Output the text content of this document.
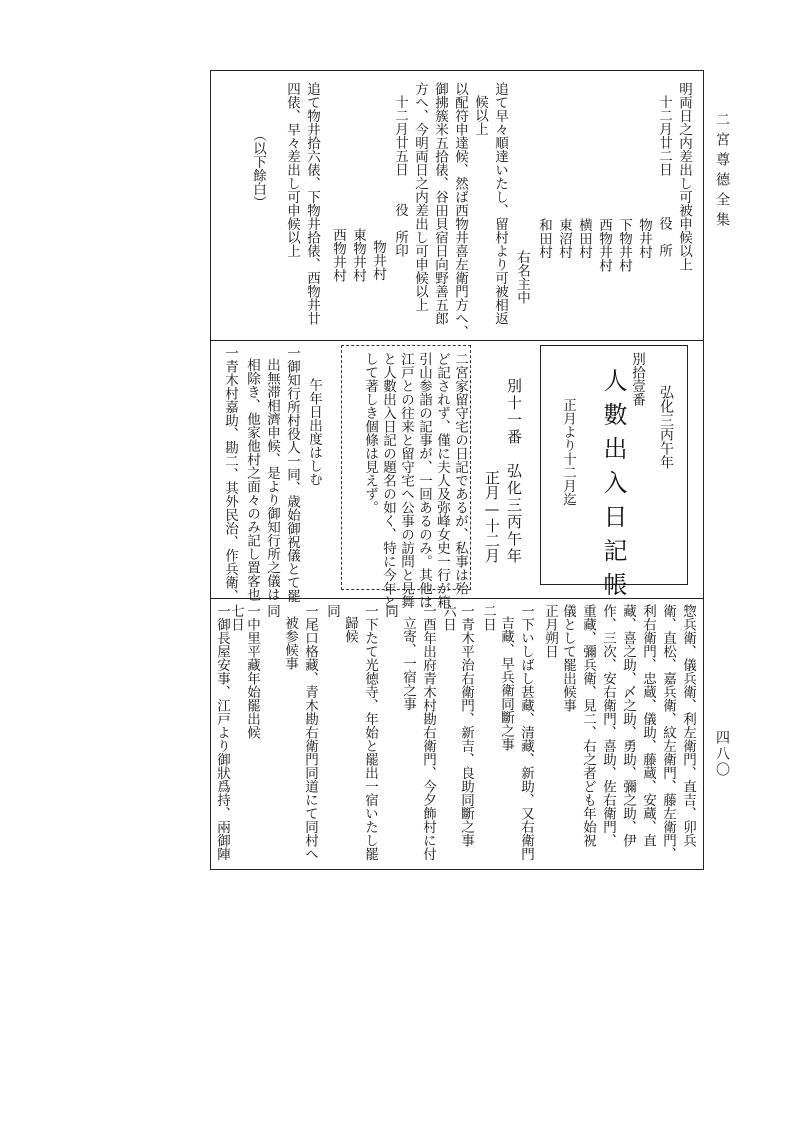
二宮尊德全集
四八〇
明両日之内差出し可被申候以上
十二月廿二日　　　役　所
物井村
下物井村
西物井村
横田村
東沼村
和田村
右名主中
追て早々順達いたし、留村より可被相返
候以上
以配符申達候、然ば西物井喜左衛門方へ、
御拂簇米五拾俵、谷田貝宿日向野善五郎
方へ、今明両日之内差出し可申候以上
十二月廿五日　　役　所印
物井村
東物井村
西物井村
追て物井拾六俵、下物井拾俵、西物井廿
四俵、早々差出し可申候以上
（以下餘白）
弘化三丙午年
別拾壹番
人數出入日記帳
正月より十二月迄
別十一番　弘化三丙午年
正月—十二月
二宮家留守宅の日記であるが、私事は殆
ど記されず、僅に夫人及弥峰女史一行が箱
引山参詣の記事が、一回あるのみ。其他は
江戸との往来と留守宅へ公事の訪問と見舞
と人數出入日記の題名の如く、特に今年と
して著しき個條は見えず。
午年日出度はしむ
一御知行所村役人一同、歳始御祝儀とて罷
出無滞相濟申候、是より御知行所之儀は
相除き、他家他村之面々のみ記し置客也
一青木村嘉助、勘二、其外民治、作兵衛、
惣兵衛、儀兵衛、利左衛門、直吉、卯兵
衛、直松、嘉兵衛、紋左衛門、藤左衛門、
利右衛門、忠蔵、儀助、藤蔵、安蔵、直
藏、喜之助、〆之助、勇助、彌之助、伊
作、三次、安右衛門、喜助、佐右衛門、
重藏、彌兵衛、見二、右之者ども年始祝
儀として罷出候事
正月朔日
一下いしばし甚藏、清藏、新助、又右衛門
吉藏、早兵衛同斷之事
二日
一青木平治右衛門、新吉、良助同斷之事
六日
一酉年出府青木村勘右衛門、今夕飾村に付
立寄、一宿之事
同
一下たて光徳寺、年始と罷出一宿いたし罷
歸候
同
一尾口格藏、青木勘右衛門同道にて同村へ
被参候事
同
一中里平藏年始罷出候
七日
一御長屋安事、江戸より御狀爲持、兩御陣
